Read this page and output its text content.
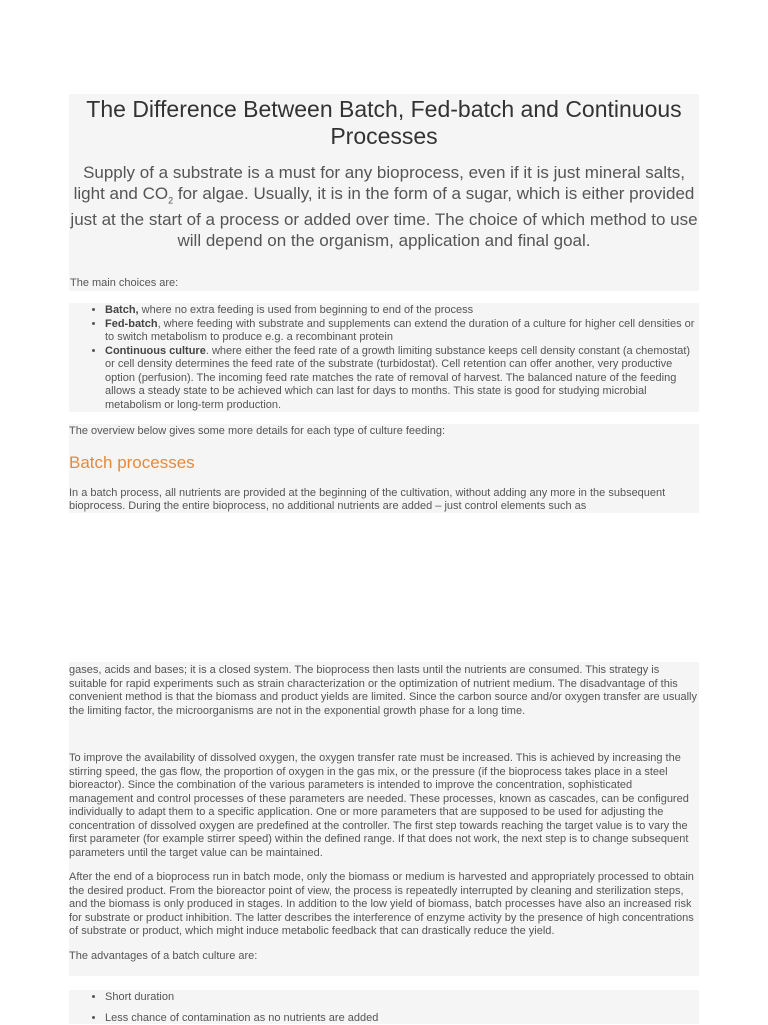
The Difference Between Batch, Fed-batch and Continuous Processes

Supply of a substrate is a must for any bioprocess, even if it is just mineral salts, light and $CO_2$ for algae. Usually, it is in the form of a sugar, which is either provided just at the start of a process or added over time. The choice of which method to use will depend on the organism, application and final goal.

The main choices are:

• Batch, where no extra feeding is used from beginning to end of the process
• Fed-batch, where feeding with substrate and supplements can extend the duration of a culture for higher cell densities or to switch metabolism to produce e.g. a recombinant protein
• Continuous culture. where either the feed rate of a growth limiting substance keeps cell density constant (a chemostat) or cell density determines the feed rate of the substrate (turbidostat). Cell retention can offer another, very productive option (perfusion). The incoming feed rate matches the rate of removal of harvest. The balanced nature of the feeding allows a steady state to be achieved which can last for days to months. This state is good for studying microbial metabolism or long-term production.

The overview below gives some more details for each type of culture feeding:

Batch processes

In a batch process, all nutrients are provided at the beginning of the cultivation, without adding any more in the subsequent bioprocess. During the entire bioprocess, no additional nutrients are added – just control elements such as

gases, acids and bases; it is a closed system. The bioprocess then lasts until the nutrients are consumed. This strategy is suitable for rapid experiments such as strain characterization or the optimization of nutrient medium. The disadvantage of this convenient method is that the biomass and product yields are limited. Since the carbon source and/or oxygen transfer are usually the limiting factor, the microorganisms are not in the exponential growth phase for a long time.

To improve the availability of dissolved oxygen, the oxygen transfer rate must be increased. This is achieved by increasing the stirring speed, the gas flow, the proportion of oxygen in the gas mix, or the pressure (if the bioprocess takes place in a steel bioreactor). Since the combination of the various parameters is intended to improve the concentration, sophisticated management and control processes of these parameters are needed. These processes, known as cascades, can be configured individually to adapt them to a specific application. One or more parameters that are supposed to be used for adjusting the concentration of dissolved oxygen are predefined at the controller. The first step towards reaching the target value is to vary the first parameter (for example stirrer speed) within the defined range. If that does not work, the next step is to change subsequent parameters until the target value can be maintained.

After the end of a bioprocess run in batch mode, only the biomass or medium is harvested and appropriately processed to obtain the desired product. From the bioreactor point of view, the process is repeatedly interrupted by cleaning and sterilization steps, and the biomass is only produced in stages. In addition to the low yield of biomass, batch processes have also an increased risk for substrate or product inhibition. The latter describes the interference of enzyme activity by the presence of high concentrations of substrate or product, which might induce metabolic feedback that can drastically reduce the yield.

The advantages of a batch culture are:

• Short duration
• Less chance of contamination as no nutrients are added
